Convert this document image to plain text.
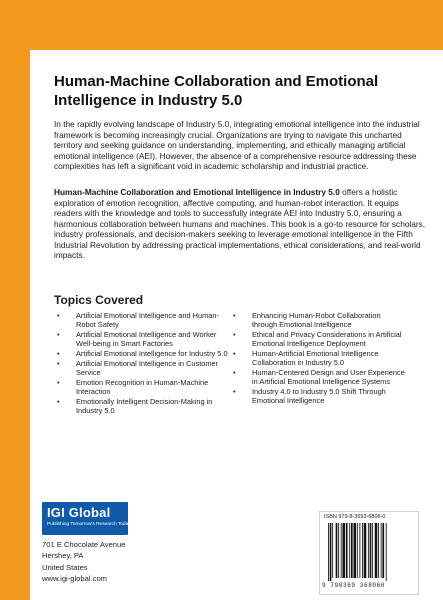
Human-Machine Collaboration and Emotional Intelligence in Industry 5.0

In the rapidly evolving landscape of Industry 5.0, integrating emotional intelligence into the industrial framework is becoming increasingly crucial. Organizations are trying to navigate this uncharted territory and seeking guidance on understanding, implementing, and ethically managing artificial emotional intelligence (AEI). However, the absence of a comprehensive resource addressing these complexities has left a significant void in academic scholarship and industrial practice.

Human-Machine Collaboration and Emotional Intelligence in Industry 5.0 offers a holistic exploration of emotion recognition, affective computing, and human-robot interaction. It equips readers with the knowledge and tools to successfully integrate AEI into Industry 5.0, ensuring a harmonious collaboration between humans and machines. This book is a go-to resource for scholars, industry professionals, and decision-makers seeking to leverage emotional intelligence in the Fifth Industrial Revolution by addressing practical implementations, ethical considerations, and real-world impacts.

Topics Covered
• Artificial Emotional Intelligence and Human-Robot Safety
• Artificial Emotional Intelligence and Worker Well-being in Smart Factories
• Artificial Emotional Intelligence for Industry 5.0
• Artificial Emotional Intelligence in Customer Service
• Emotion Recognition in Human-Machine Interaction
• Emotionally Intelligent Decision-Making in Industry 5.0
• Enhancing Human-Robot Collaboration through Emotional Intelligence
• Ethical and Privacy Considerations in Artificial Emotional Intelligence Deployment
• Human-Artificial Emotional Intelligence Collaboration in Industry 5.0
• Human-Centered Design and User Experience in Artificial Emotional Intelligence Systems
• Industry 4.0 to Industry 5.0 Shift Through Emotional Intelligence
IGI Global
Publishing Tomorrow's Research Today
701 E Chocolate Avenue
Hershey, PA
United States
www.igi-global.com
ISBN 979-8-3693-6806-0
9 798369 368060
